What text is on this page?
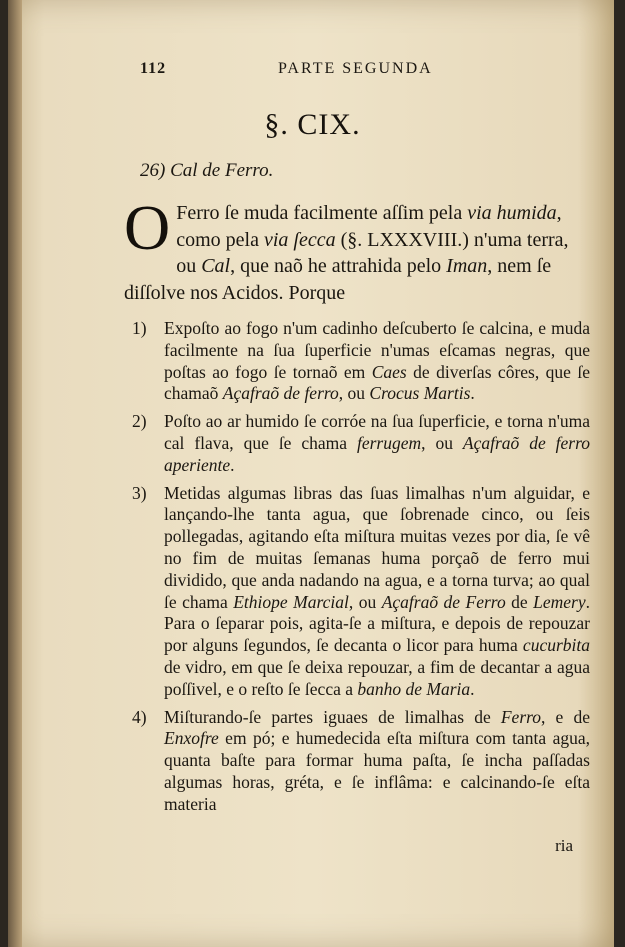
112	PARTE SEGUNDA
§. CIX.
26) Cal de Ferro.
O Ferro ſe muda facilmente aſſim pela via humida, como pela via ſecca (§. LXXXVIII.) n'uma terra, ou Cal, que naõ he attrahida pelo Iman, nem ſe diſſolve nos Acidos. Porque
1) Expoſto ao fogo n'um cadinho deſcuberto ſe calcina, e muda facilmente na ſua ſuperficie n'umas eſcamas negras, que poſtas ao fogo ſe tornaõ em Caes de diverſas côres, que ſe chamaõ Açafraõ de ferro, ou Crocus Martis.
2) Poſto ao ar humido ſe corróe na ſua ſuperficie, e torna n'uma cal flava, que ſe chama ferrugem, ou Açafraõ de ferro aperiente.
3) Metidas algumas libras das ſuas limalhas n'um alguidar, e lançando-lhe tanta agua, que ſobrenade cinco, ou ſeis pollegadas, agitando eſta miſtura muitas vezes por dia, ſe vê no fim de muitas ſemanas huma porçaõ de ferro mui dividido, que anda nadando na agua, e a torna turva; ao qual ſe chama Ethiope Marcial, ou Açafraõ de Ferro de Lemery. Para o ſeparar pois, agita-ſe a miſtura, e depois de repouzar por alguns ſegundos, ſe decanta o licor para huma cucurbita de vidro, em que ſe deixa repouzar, a fim de decantar a agua poſſivel, e o reſto ſe ſecca a banho de Maria.
4) Miſturando-ſe partes iguaes de limalhas de Ferro, e de Enxofre em pó; e humedecida eſta miſtura com tanta agua, quanta baſte para formar huma paſta, ſe incha paſſadas algumas horas, gréta, e ſe inflâma: e calcinando-ſe eſta materia
ria
